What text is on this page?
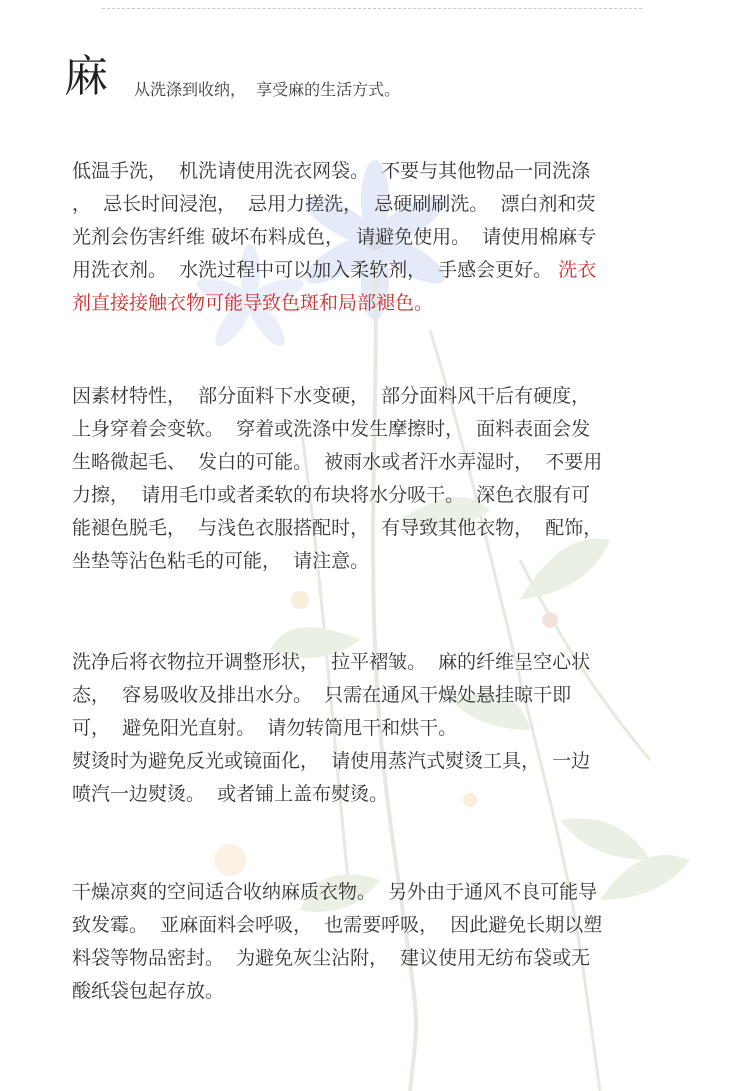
麻 从洗涤到收纳，  享受麻的生活方式。
低温手洗，  机洗请使用洗衣网袋。  不要与其他物品一同洗涤
，  忌长时间浸泡，  忌用力搓洗，  忌硬刷刷洗。  漂白剂和荧
光剂会伤害纤维 破坏布料成色，  请避免使用。  请使用棉麻专
用洗衣剂。  水洗过程中可以加入柔软剂，  手感会更好。 洗衣
剂直接接触衣物可能导致色斑和局部褪色。
因素材特性，  部分面料下水变硬，  部分面料风干后有硬度，
上身穿着会变软。  穿着或洗涤中发生摩擦时，  面料表面会发
生略微起毛、  发白的可能。  被雨水或者汗水弄湿时，  不要用
力擦，  请用毛巾或者柔软的布块将水分吸干。  深色衣服有可
能褪色脱毛，  与浅色衣服搭配时，  有导致其他衣物，  配饰，
坐垫等沾色粘毛的可能，  请注意。
洗净后将衣物拉开调整形状，  拉平褶皱。  麻的纤维呈空心状
态，  容易吸收及排出水分。  只需在通风干燥处悬挂晾干即
可，  避免阳光直射。  请勿转筒甩干和烘干。
熨烫时为避免反光或镜面化，  请使用蒸汽式熨烫工具，  一边
喷汽一边熨烫。  或者铺上盖布熨烫。
干燥凉爽的空间适合收纳麻质衣物。  另外由于通风不良可能导
致发霉。  亚麻面料会呼吸，  也需要呼吸，  因此避免长期以塑
料袋等物品密封。  为避免灰尘沾附，  建议使用无纺布袋或无
酸纸袋包起存放。
